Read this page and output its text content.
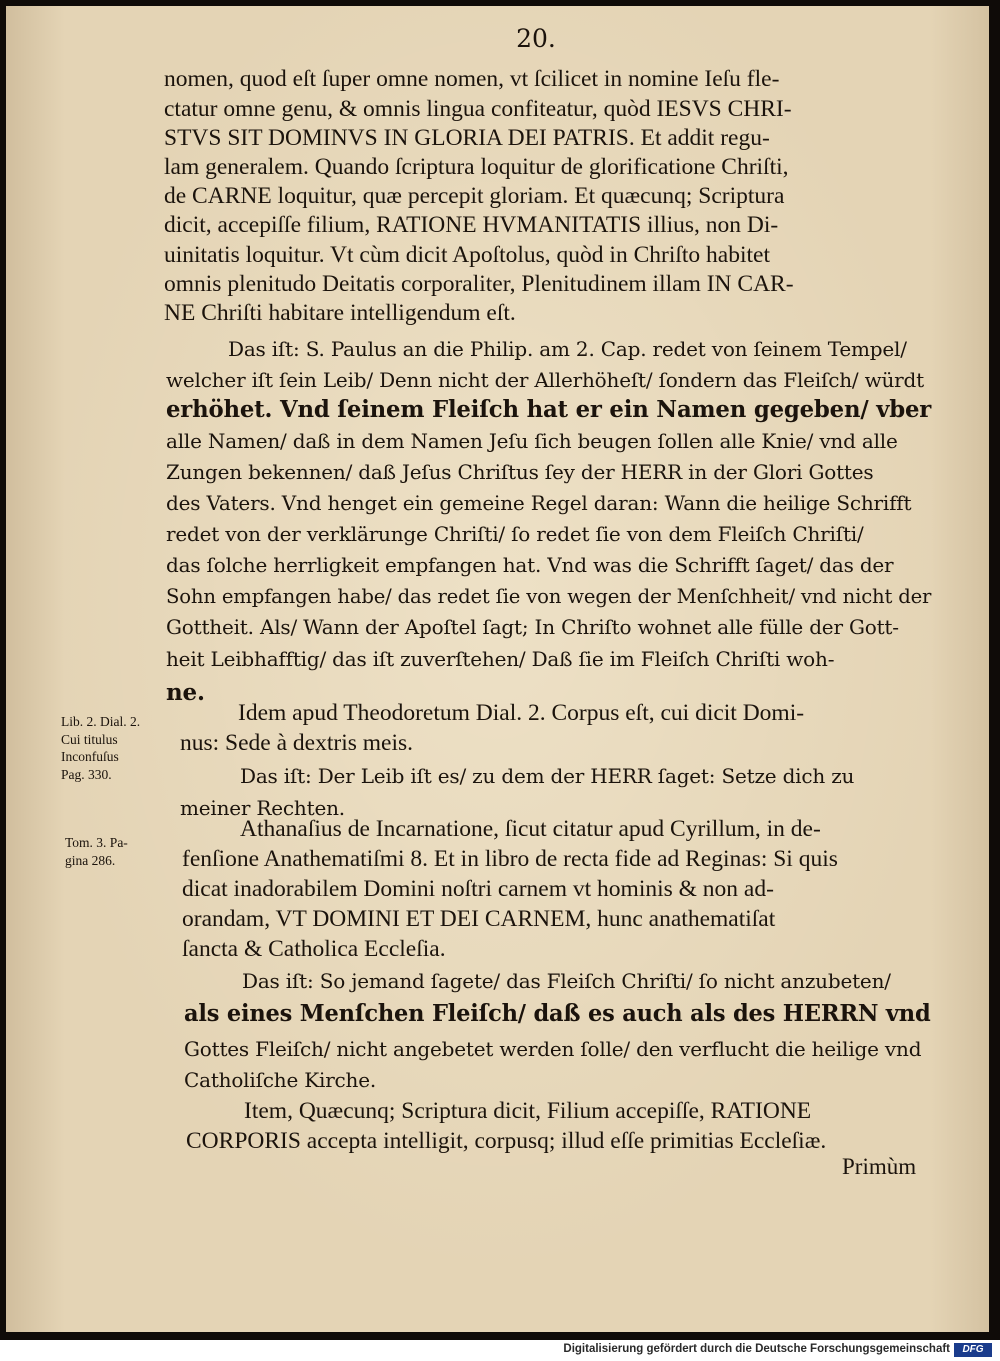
20.
nomen, quod eſt ſuper omne nomen, vt ſcilicet in nomine Ieſu fle-
ctatur omne genu, & omnis lingua confiteatur, quòd IESVS CHRI-
STVS SIT DOMINVS IN GLORIA DEI PATRIS. Et addit regu-
lam generalem. Quando ſcriptura loquitur de glorificatione Chriſti,
de CARNE loquitur, quæ percepit gloriam. Et quæcunq; Scriptura
dicit, accepiſſe filium, RATIONE HVMANITATIS illius, non Di-
uinitatis loquitur. Vt cùm dicit Apoſtolus, quòd in Chriſto habitet
omnis plenitudo Deitatis corporaliter, Plenitudinem illam IN CAR-
NE Chriſti habitare intelligendum eſt.
Das iſt: S. Paulus an die Philip. am 2. Cap. redet von ſeinem Tempel/
welcher iſt ſein Leib/ Denn nicht der Allerhöheſt/ ſondern das Fleiſch/ würdt
erhöhet. Vnd ſeinem Fleiſch hat er ein Namen gegeben/ vber
alle Namen/ daß in dem Namen Jeſu ſich beugen ſollen alle Knie/ vnd alle
Zungen bekennen/ daß Jeſus Chriſtus ſey der HERR in der Glori Gottes
des Vaters. Vnd henget ein gemeine Regel daran: Wann die heilige Schrifft
redet von der verklärunge Chriſti/ ſo redet ſie von dem Fleiſch Chriſti/
das ſolche herrligkeit empfangen hat. Vnd was die Schrifft ſaget/ das der
Sohn empfangen habe/ das redet ſie von wegen der Menſchheit/ vnd nicht der
Gottheit. Als/ Wann der Apoſtel ſagt; In Chriſto wohnet alle fülle der Gott-
heit Leibhafftig/ das iſt zuverſtehen/ Daß ſie im Fleiſch Chriſti woh-
ne.
Lib. 2. Dial. 2.
Cui titulus
Inconfuſus
Pag. 330.
Idem apud Theodoretum Dial. 2. Corpus eſt, cui dicit Domi-
nus: Sede à dextris meis.
Das iſt: Der Leib iſt es/ zu dem der HERR ſaget: Setze dich zu
meiner Rechten.
Tom. 3. Pa-
gina 286.
Athanaſius de Incarnatione, ſicut citatur apud Cyrillum, in de-
fenſione Anathematiſmi 8. Et in libro de recta fide ad Reginas: Si quis
dicat inadorabilem Domini noſtri carnem vt hominis & non ad-
orandam, VT DOMINI ET DEI CARNEM, hunc anathematiſat
ſancta & Catholica Eccleſia.
Das iſt: So jemand ſagete/ das Fleiſch Chriſti/ ſo nicht anzubeten/
als eines Menſchen Fleiſch/ daß es auch als des HERRN vnd
Gottes Fleiſch/ nicht angebetet werden ſolle/ den verflucht die heilige vnd
Catholiſche Kirche.
Item, Quæcunq; Scriptura dicit, Filium accepiſſe, RATIONE
CORPORIS accepta intelligit, corpusq; illud eſſe primitias Eccleſiæ.
Primùm
Digitalisierung gefördert durch die Deutsche Forschungsgemeinschaft	DFG
